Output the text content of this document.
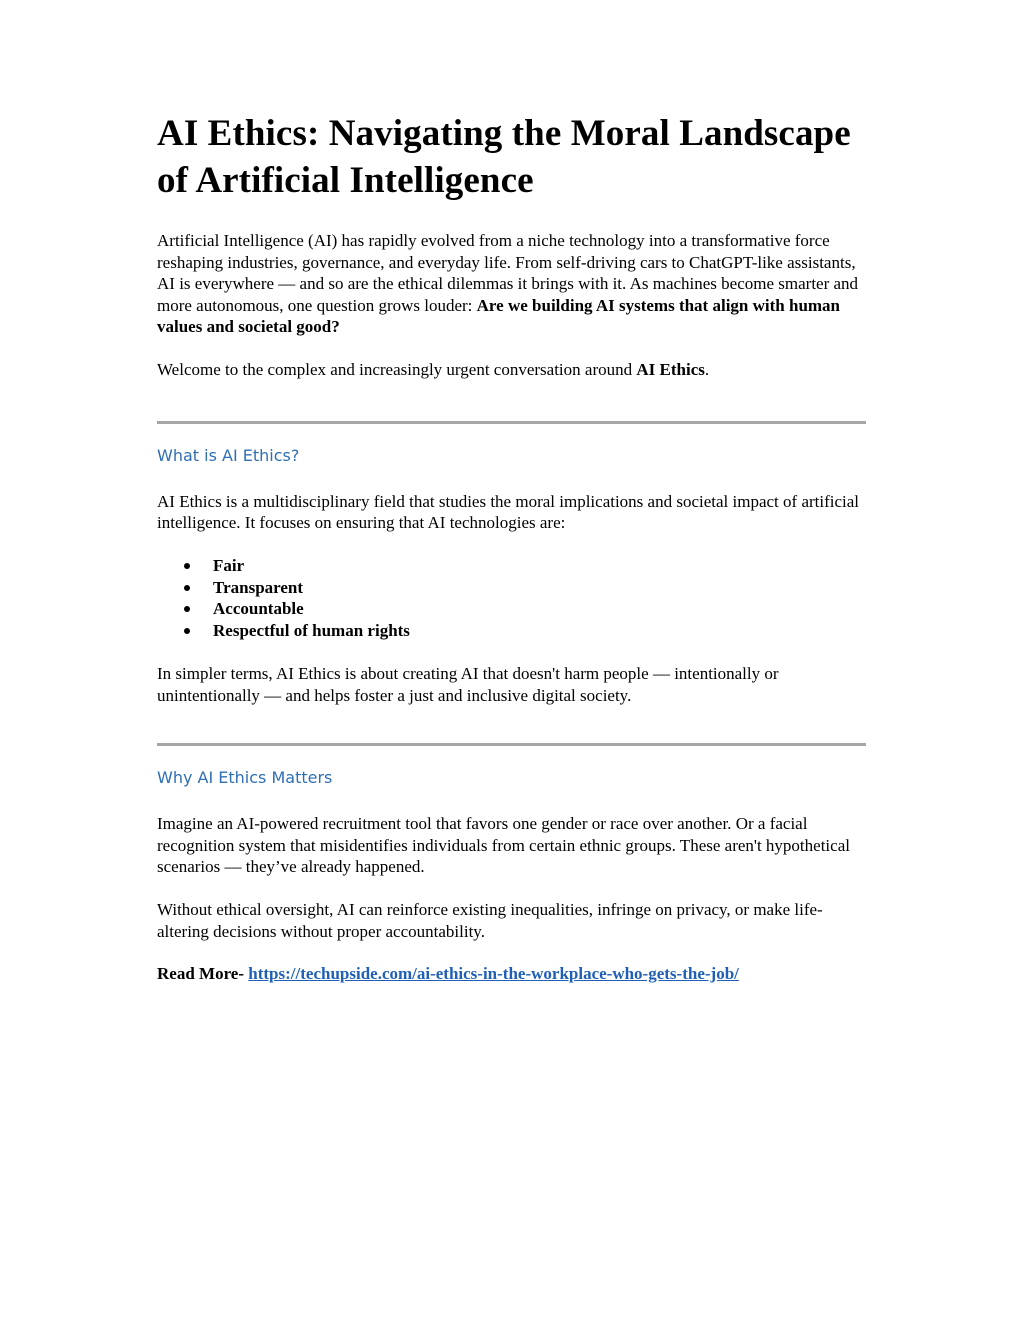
AI Ethics: Navigating the Moral Landscape of Artificial Intelligence

Artificial Intelligence (AI) has rapidly evolved from a niche technology into a transformative force reshaping industries, governance, and everyday life. From self-driving cars to ChatGPT-like assistants, AI is everywhere — and so are the ethical dilemmas it brings with it. As machines become smarter and more autonomous, one question grows louder: Are we building AI systems that align with human values and societal good?

Welcome to the complex and increasingly urgent conversation around AI Ethics.

What is AI Ethics?

AI Ethics is a multidisciplinary field that studies the moral implications and societal impact of artificial intelligence. It focuses on ensuring that AI technologies are:

Fair
Transparent
Accountable
Respectful of human rights

In simpler terms, AI Ethics is about creating AI that doesn't harm people — intentionally or unintentionally — and helps foster a just and inclusive digital society.

Why AI Ethics Matters

Imagine an AI-powered recruitment tool that favors one gender or race over another. Or a facial recognition system that misidentifies individuals from certain ethnic groups. These aren't hypothetical scenarios — they’ve already happened.

Without ethical oversight, AI can reinforce existing inequalities, infringe on privacy, or make life-altering decisions without proper accountability.

Read More- https://techupside.com/ai-ethics-in-the-workplace-who-gets-the-job/
